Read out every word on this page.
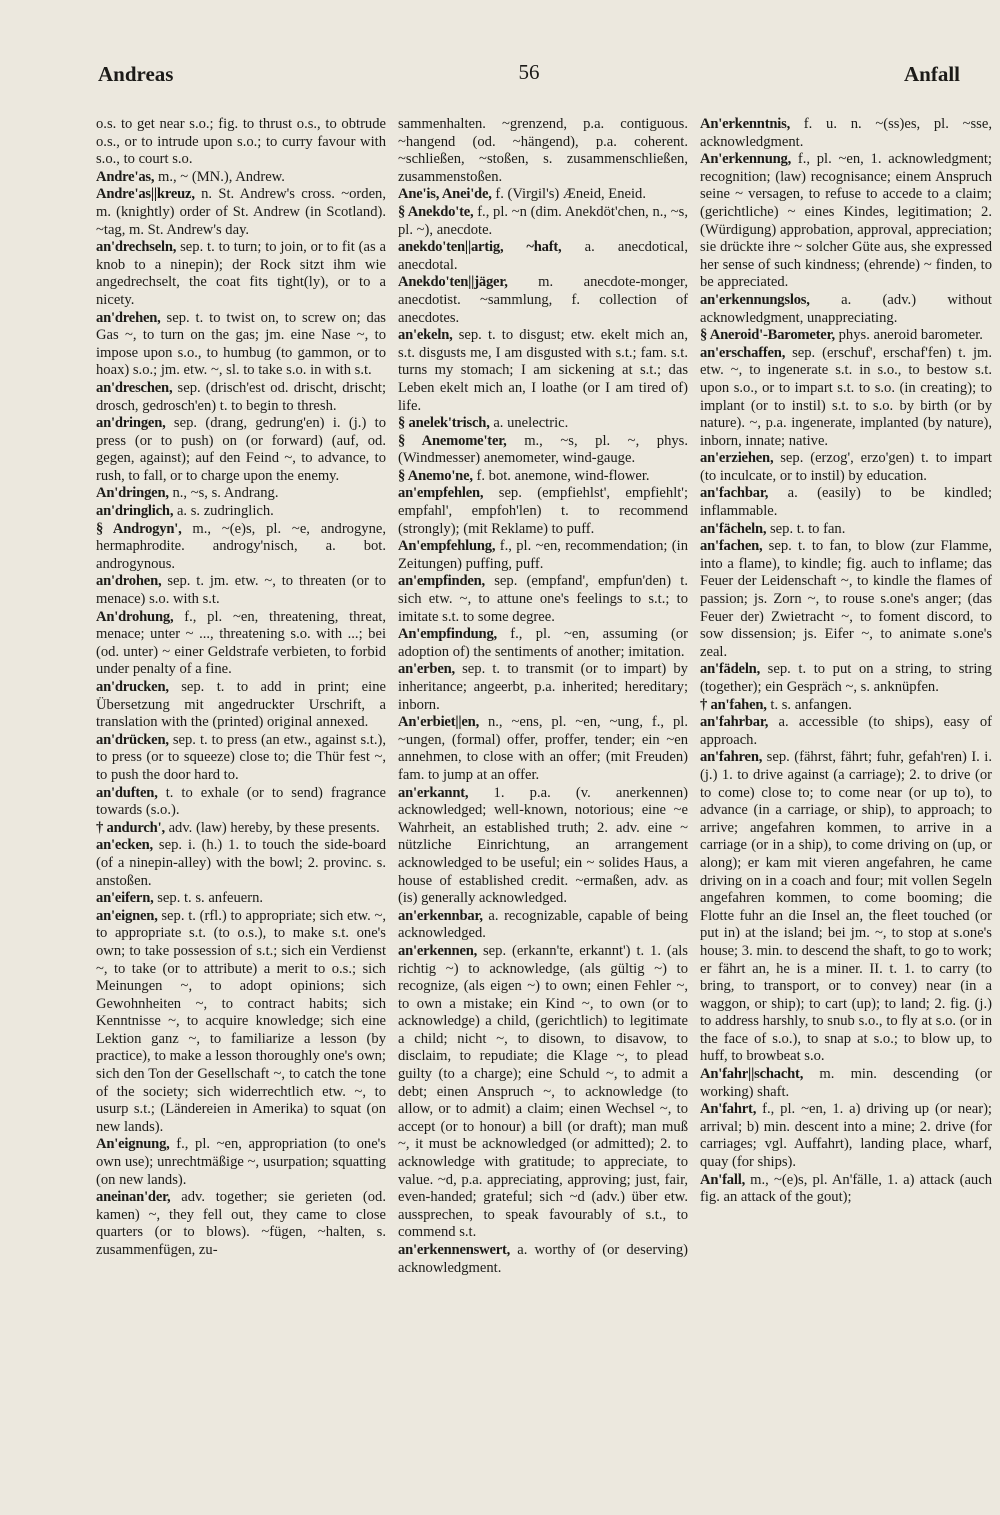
Andreas	56	Anfall
o.s. to get near s.o.; fig. to thrust o.s., to obtrude o.s., or to intrude upon s.o.; to curry favour with s.o., to court s.o.
Andre'as, m., ~ (MN.), Andrew.
Andre'as||kreuz, n. St. Andrew's cross. ~orden, m. (knightly) order of St. Andrew (in Scotland). ~tag, m. St. Andrew's day.
an'drechseln, sep. t. to turn; to join, or to fit (as a knob to a ninepin); der Rock sitzt ihm wie angedrechselt, the coat fits tight(ly), or to a nicety.
an'drehen, sep. t. to twist on, to screw on; das Gas ~, to turn on the gas; jm. eine Nase ~, to impose upon s.o., to humbug (to gammon, or to hoax) s.o.; jm. etw. ~, sl. to take s.o. in with s.t.
an'dreschen, sep. (drisch'est od. drischt, drischt; drosch, gedrosch'en) t. to begin to thresh.
an'dringen, sep. (drang, gedrung'en) i. (j.) to press (or to push) on (or forward) (auf, od. gegen, against); auf den Feind ~, to advance, to rush, to fall, or to charge upon the enemy.
An'dringen, n., ~s, s. Andrang.
an'dringlich, a. s. zudringlich.
§ Androgyn', m., ~(e)s, pl. ~e, androgyne, hermaphrodite. androgy'nisch, a. bot. androgynous.
an'drohen, sep. t. jm. etw. ~, to threaten (or to menace) s.o. with s.t.
An'drohung, f., pl. ~en, threatening, threat, menace; unter ~ ..., threatening s.o. with ...; bei (od. unter) ~ einer Geldstrafe verbieten, to forbid under penalty of a fine.
an'drucken, sep. t. to add in print; eine Übersetzung mit angedruckter Urschrift, a translation with the (printed) original annexed.
an'drücken, sep. t. to press (an etw., against s.t.), to press (or to squeeze) close to; die Thür fest ~, to push the door hard to.
an'duften, t. to exhale (or to send) fragrance towards (s.o.).
† andurch', adv. (law) hereby, by these presents.
an'ecken, sep. i. (h.) 1. to touch the side-board (of a ninepin-alley) with the bowl; 2. provinc. s. anstoßen.
an'eifern, sep. t. s. anfeuern.
an'eignen, sep. t. (rfl.) to appropriate; sich etw. ~, to appropriate s.t. (to o.s.), to make s.t. one's own; to take possession of s.t.; sich ein Verdienst ~, to take (or to attribute) a merit to o.s.; sich Meinungen ~, to adopt opinions; sich Gewohnheiten ~, to contract habits; sich Kenntnisse ~, to acquire knowledge; sich eine Lektion ganz ~, to familiarize a lesson (by practice), to make a lesson thoroughly one's own; sich den Ton der Gesellschaft ~, to catch the tone of the society; sich widerrechtlich etw. ~, to usurp s.t.; (Ländereien in Amerika) to squat (on new lands).
An'eignung, f., pl. ~en, appropriation (to one's own use); unrechtmäßige ~, usurpation; squatting (on new lands).
aneinan'der, adv. together; sie gerieten (od. kamen) ~, they fell out, they came to close quarters (or to blows). ~fügen, ~halten, s. zusammenfügen, zu-
sammenhalten. ~grenzend, p.a. contiguous. ~hangend (od. ~hängend), p.a. coherent. ~schließen, ~stoßen, s. zusammenschließen, zusammenstoßen.
Ane'is, Anei'de, f. (Virgil's) Æneid, Eneid.
§ Anekdo'te, f., pl. ~n (dim. Anekdöt'chen, n., ~s, pl. ~), anecdote.
anekdo'ten||artig, ~haft, a. anecdotical, anecdotal.
Anekdo'ten||jäger, m. anecdote-monger, anecdotist. ~sammlung, f. collection of anecdotes.
an'ekeln, sep. t. to disgust; etw. ekelt mich an, s.t. disgusts me, I am disgusted with s.t.; fam. s.t. turns my stomach; I am sickening at s.t.; das Leben ekelt mich an, I loathe (or I am tired of) life.
§ anelek'trisch, a. unelectric.
§ Anemome'ter, m., ~s, pl. ~, phys. (Windmesser) anemometer, wind-gauge.
§ Anemo'ne, f. bot. anemone, wind-flower.
an'empfehlen, sep. (empfiehlst', empfiehlt'; empfahl', empfoh'len) t. to recommend (strongly); (mit Reklame) to puff.
An'empfehlung, f., pl. ~en, recommendation; (in Zeitungen) puffing, puff.
an'empfinden, sep. (empfand', empfun'den) t. sich etw. ~, to attune one's feelings to s.t.; to imitate s.t. to some degree.
An'empfindung, f., pl. ~en, assuming (or adoption of) the sentiments of another; imitation.
an'erben, sep. t. to transmit (or to impart) by inheritance; angeerbt, p.a. inherited; hereditary; inborn.
An'erbiet||en, n., ~ens, pl. ~en, ~ung, f., pl. ~ungen, (formal) offer, proffer, tender; ein ~en annehmen, to close with an offer; (mit Freuden) fam. to jump at an offer.
an'erkannt, 1. p.a. (v. anerkennen) acknowledged; well-known, notorious; eine ~e Wahrheit, an established truth; 2. adv. eine ~ nützliche Einrichtung, an arrangement acknowledged to be useful; ein ~ solides Haus, a house of established credit. ~ermaßen, adv. as (is) generally acknowledged.
an'erkennbar, a. recognizable, capable of being acknowledged.
an'erkennen, sep. (erkann'te, erkannt') t. 1. (als richtig ~) to acknowledge, (als gültig ~) to recognize, (als eigen ~) to own; einen Fehler ~, to own a mistake; ein Kind ~, to own (or to acknowledge) a child, (gerichtlich) to legitimate a child; nicht ~, to disown, to disavow, to disclaim, to repudiate; die Klage ~, to plead guilty (to a charge); eine Schuld ~, to admit a debt; einen Anspruch ~, to acknowledge (to allow, or to admit) a claim; einen Wechsel ~, to accept (or to honour) a bill (or draft); man muß ~, it must be acknowledged (or admitted); 2. to acknowledge with gratitude; to appreciate, to value. ~d, p.a. appreciating, approving; just, fair, even-handed; grateful; sich ~d (adv.) über etw. aussprechen, to speak favourably of s.t., to commend s.t.
an'erkennenswert, a. worthy of (or deserving) acknowledgment.
An'erkenntnis, f. u. n. ~(ss)es, pl. ~sse, acknowledgment.
An'erkennung, f., pl. ~en, 1. acknowledgment; recognition; (law) recognisance; einem Anspruch seine ~ versagen, to refuse to accede to a claim; (gerichtliche) ~ eines Kindes, legitimation; 2. (Würdigung) approbation, approval, appreciation; sie drückte ihre ~ solcher Güte aus, she expressed her sense of such kindness; (ehrende) ~ finden, to be appreciated.
an'erkennungslos, a. (adv.) without acknowledgment, unappreciating.
§ Aneroid'-Barometer, phys. aneroid barometer.
an'erschaffen, sep. (erschuf', erschaf'fen) t. jm. etw. ~, to ingenerate s.t. in s.o., to bestow s.t. upon s.o., or to impart s.t. to s.o. (in creating); to implant (or to instil) s.t. to s.o. by birth (or by nature). ~, p.a. ingenerate, implanted (by nature), inborn, innate; native.
an'erziehen, sep. (erzog', erzo'gen) t. to impart (to inculcate, or to instil) by education.
an'fachbar, a. (easily) to be kindled; inflammable.
an'fächeln, sep. t. to fan.
an'fachen, sep. t. to fan, to blow (zur Flamme, into a flame), to kindle; fig. auch to inflame; das Feuer der Leidenschaft ~, to kindle the flames of passion; js. Zorn ~, to rouse s.one's anger; (das Feuer der) Zwietracht ~, to foment discord, to sow dissension; js. Eifer ~, to animate s.one's zeal.
an'fädeln, sep. t. to put on a string, to string (together); ein Gespräch ~, s. anknüpfen.
† an'fahen, t. s. anfangen.
an'fahrbar, a. accessible (to ships), easy of approach.
an'fahren, sep. (fährst, fährt; fuhr, gefah'ren) I. i. (j.) 1. to drive against (a carriage); 2. to drive (or to come) close to; to come near (or up to), to advance (in a carriage, or ship), to approach; to arrive; angefahren kommen, to arrive in a carriage (or in a ship), to come driving on (up, or along); er kam mit vieren angefahren, he came driving on in a coach and four; mit vollen Segeln angefahren kommen, to come booming; die Flotte fuhr an die Insel an, the fleet touched (or put in) at the island; bei jm. ~, to stop at s.one's house; 3. min. to descend the shaft, to go to work; er fährt an, he is a miner. II. t. 1. to carry (to bring, to transport, or to convey) near (in a waggon, or ship); to cart (up); to land; 2. fig. (j.) to address harshly, to snub s.o., to fly at s.o. (or in the face of s.o.), to snap at s.o.; to blow up, to huff, to browbeat s.o.
An'fahr||schacht, m. min. descending (or working) shaft.
An'fahrt, f., pl. ~en, 1. a) driving up (or near); arrival; b) min. descent into a mine; 2. drive (for carriages; vgl. Auffahrt), landing place, wharf, quay (for ships).
An'fall, m., ~(e)s, pl. An'fälle, 1. a) attack (auch fig. an attack of the gout);
